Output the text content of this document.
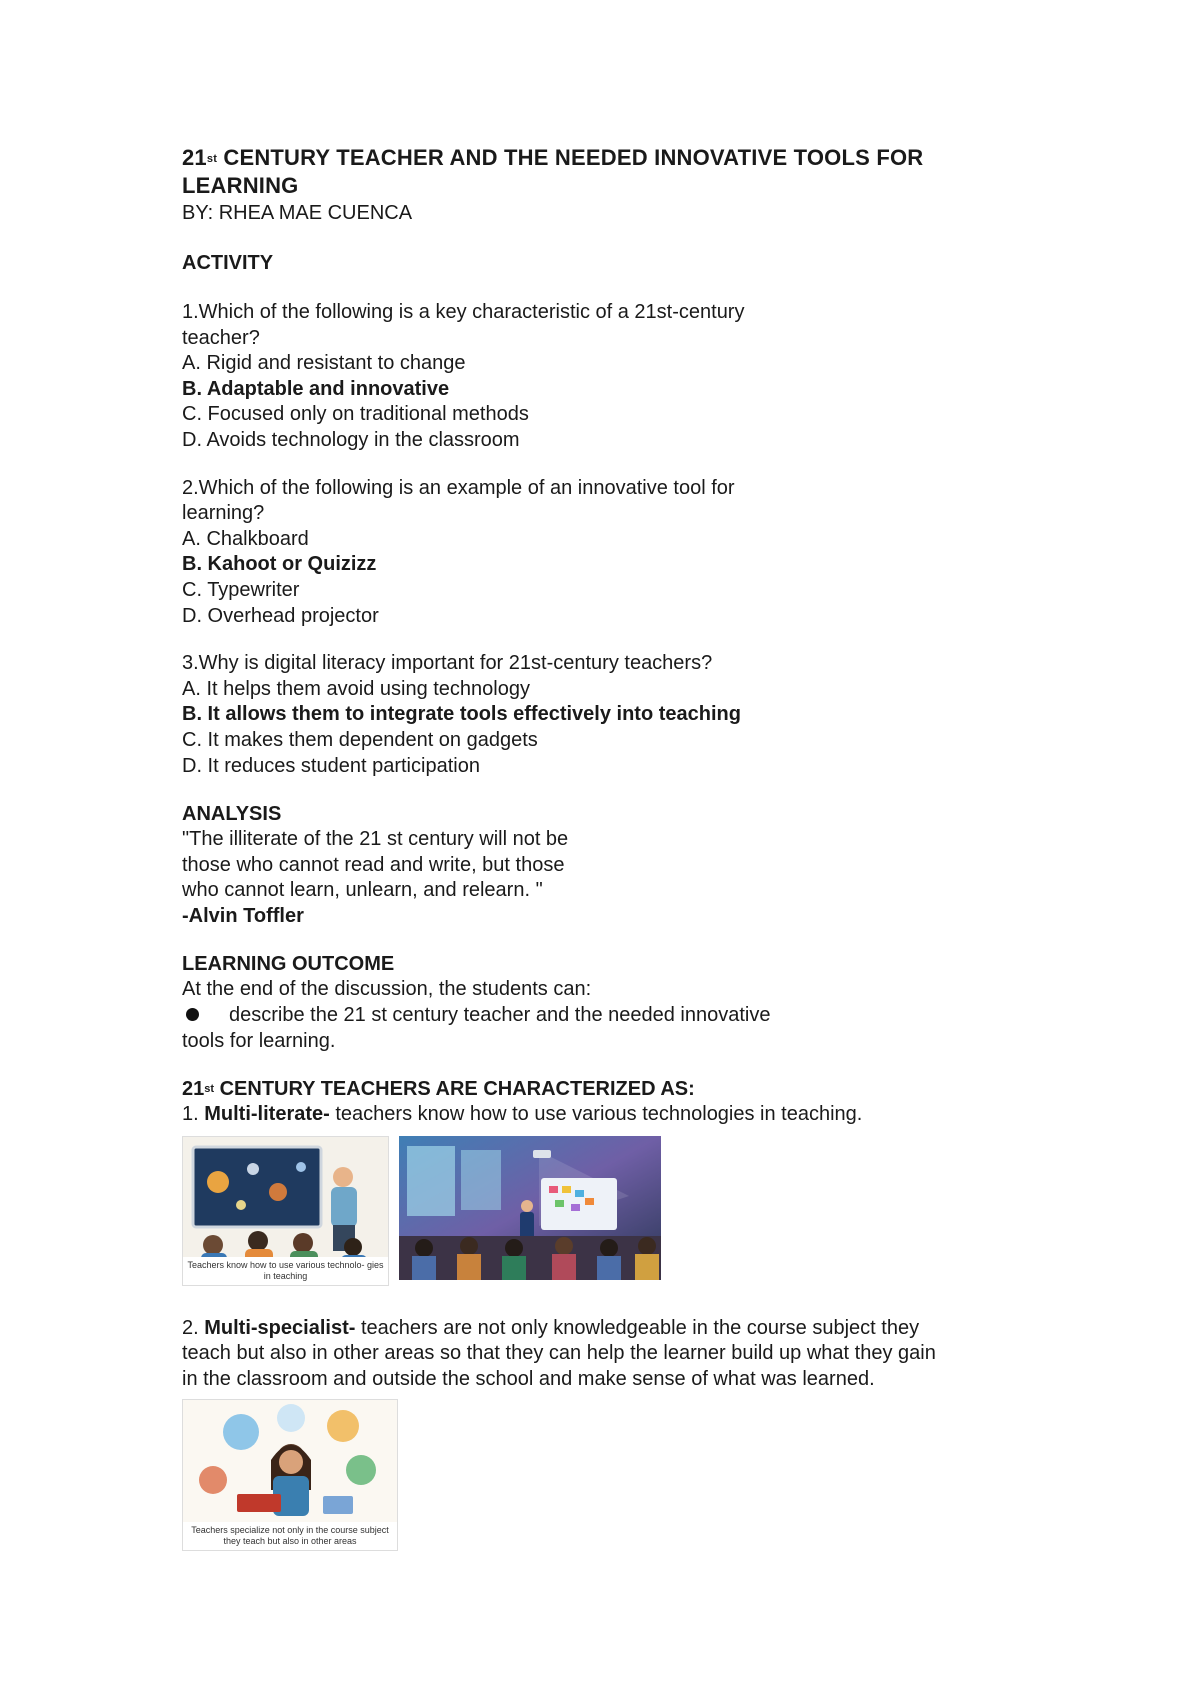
21st CENTURY TEACHER AND THE NEEDED INNOVATIVE TOOLS FOR

LEARNING

BY: RHEA MAE CUENCA

ACTIVITY

1.Which of the following is a key characteristic of a 21st-century

teacher?

A. Rigid and resistant to change

B. Adaptable and innovative

C. Focused only on traditional methods

D. Avoids technology in the classroom

2.Which of the following is an example of an innovative tool for

learning?

A. Chalkboard

B. Kahoot or Quizizz

C. Typewriter

D. Overhead projector

3.Why is digital literacy important for 21st-century teachers?

A. It helps them avoid using technology

B. It allows them to integrate tools effectively into teaching

C. It makes them dependent on gadgets

D. It reduces student participation

ANALYSIS

"The illiterate of the 21 st century will not be

those who cannot read and write, but those

who cannot learn, unlearn, and relearn. "

-Alvin Toffler

LEARNING OUTCOME

At the end of the discussion, the students can:

describe the 21 st century teacher and the needed innovative

tools for learning.

21st CENTURY TEACHERS ARE CHARACTERIZED AS:

1. Multi-literate- teachers know how to use various technologies in teaching.

Teachers know how to use various technolo- gies in teaching

2. Multi-specialist- teachers are not only knowledgeable in the course subject they

teach but also in other areas so that they can help the learner build up what they gain

in the classroom and outside the school and make sense of what was learned.

Teachers specialize not only in the course subject they teach but also in other areas
